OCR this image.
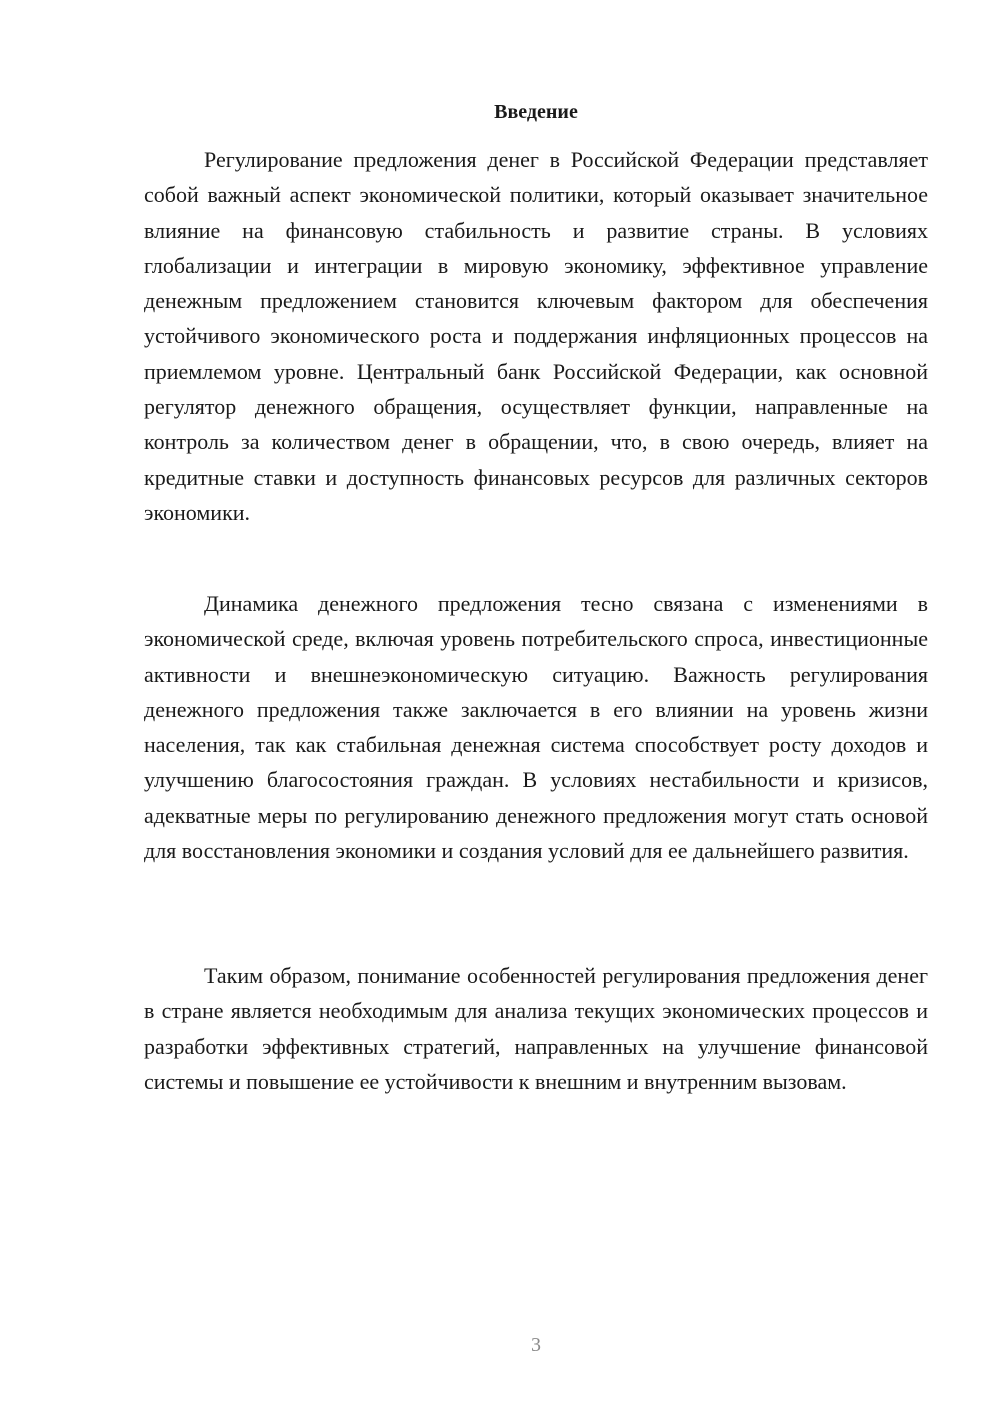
Введение

Регулирование предложения денег в Российской Федерации представляет собой важный аспект экономической политики, который оказывает значительное влияние на финансовую стабильность и развитие страны. В условиях глобализации и интеграции в мировую экономику, эффективное управление денежным предложением становится ключевым фактором для обеспечения устойчивого экономического роста и поддержания инфляционных процессов на приемлемом уровне. Центральный банк Российской Федерации, как основной регулятор денежного обращения, осуществляет функции, направленные на контроль за количеством денег в обращении, что, в свою очередь, влияет на кредитные ставки и доступность финансовых ресурсов для различных секторов экономики.

Динамика денежного предложения тесно связана с изменениями в экономической среде, включая уровень потребительского спроса, инвестиционные активности и внешнеэкономическую ситуацию. Важность регулирования денежного предложения также заключается в его влиянии на уровень жизни населения, так как стабильная денежная система способствует росту доходов и улучшению благосостояния граждан. В условиях нестабильности и кризисов, адекватные меры по регулированию денежного предложения могут стать основой для восстановления экономики и создания условий для ее дальнейшего развития.

Таким образом, понимание особенностей регулирования предложения денег в стране является необходимым для анализа текущих экономических процессов и разработки эффективных стратегий, направленных на улучшение финансовой системы и повышение ее устойчивости к внешним и внутренним вызовам.

3
